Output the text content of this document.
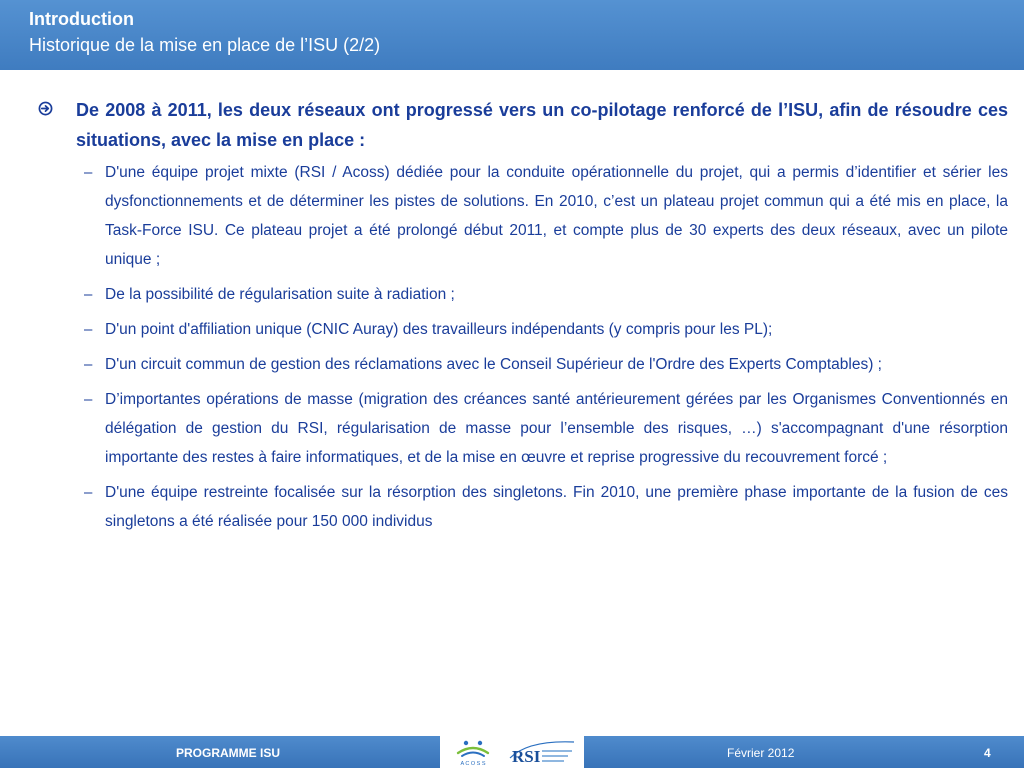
Introduction
Historique de la mise en place de l’ISU (2/2)
De 2008 à 2011, les deux réseaux ont progressé vers un co-pilotage renforcé de l’ISU, afin de résoudre ces situations, avec la mise en place :
– D'une équipe projet mixte (RSI / Acoss) dédiée pour la conduite opérationnelle du projet, qui a permis d’identifier et sérier les dysfonctionnements et de déterminer les pistes de solutions. En 2010, c’est un plateau projet commun qui a été mis en place, la Task-Force ISU. Ce plateau projet a été prolongé début 2011, et compte plus de 30 experts des deux réseaux, avec un pilote unique ;
– De la possibilité de régularisation suite à radiation ;
– D'un point d'affiliation unique (CNIC Auray) des travailleurs indépendants (y compris pour les PL);
– D'un circuit commun de gestion des réclamations avec le Conseil Supérieur de l'Ordre des Experts Comptables) ;
– D’importantes opérations de masse (migration des créances santé antérieurement gérées par les Organismes Conventionnés en délégation de gestion du RSI, régularisation de masse pour l’ensemble des risques, …) s'accompagnant d'une résorption importante des restes à faire informatiques, et de la mise en œuvre et reprise progressive du recouvrement forcé ;
– D'une équipe restreinte focalisée sur la résorption des singletons. Fin 2010, une première phase importante de la fusion de ces singletons a été réalisée pour 150 000 individus
PROGRAMME ISU	Février 2012	4
A C O S S RSI
